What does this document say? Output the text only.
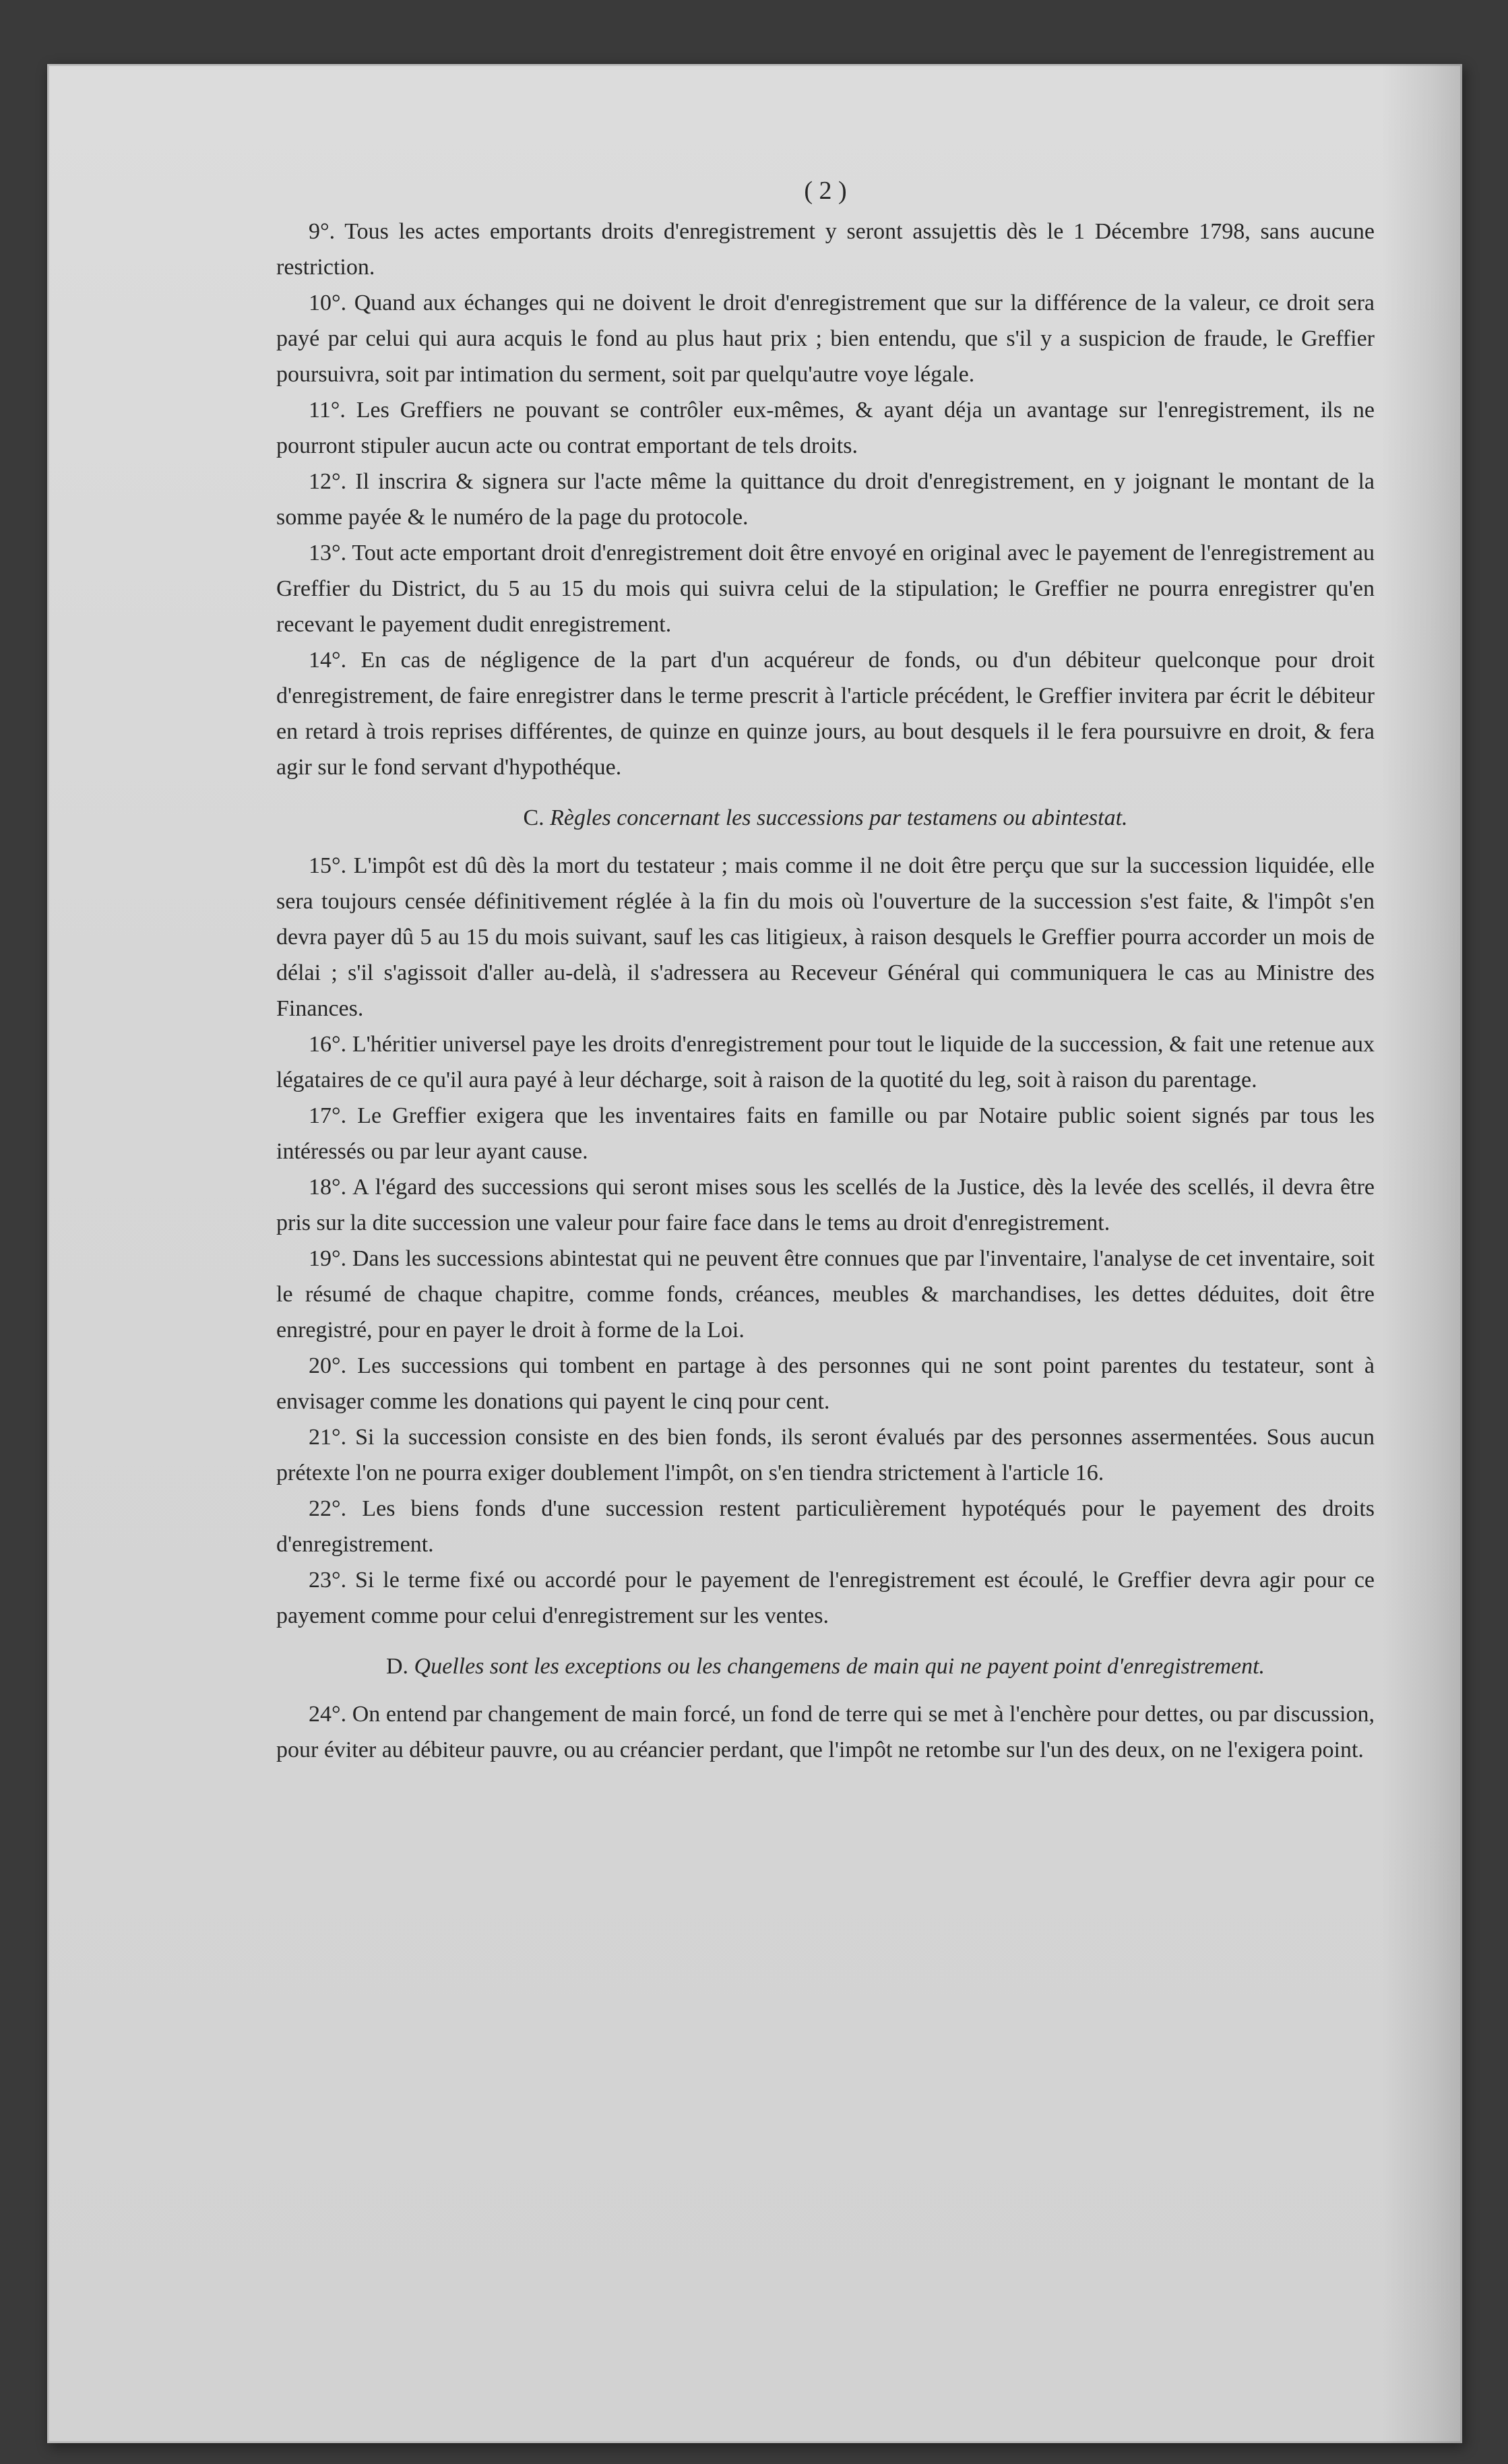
( 2 )

9°. Tous les actes emportants droits d'enregistrement y seront assujettis dès le 1 Décembre 1798, sans aucune restriction.

10°. Quand aux échanges qui ne doivent le droit d'enregistrement que sur la différence de la valeur, ce droit sera payé par celui qui aura acquis le fond au plus haut prix ; bien entendu, que s'il y a suspicion de fraude, le Greffier poursuivra, soit par intimation du serment, soit par quelqu'autre voye légale.

11°. Les Greffiers ne pouvant se contrôler eux-mêmes, & ayant déja un avantage sur l'enregistrement, ils ne pourront stipuler aucun acte ou contrat emportant de tels droits.

12°. Il inscrira & signera sur l'acte même la quittance du droit d'enregistrement, en y joignant le montant de la somme payée & le numéro de la page du protocole.

13°. Tout acte emportant droit d'enregistrement doit être envoyé en original avec le payement de l'enregistrement au Greffier du District, du 5 au 15 du mois qui suivra celui de la stipulation; le Greffier ne pourra enregistrer qu'en recevant le payement dudit enregistrement.

14°. En cas de négligence de la part d'un acquéreur de fonds, ou d'un débiteur quelconque pour droit d'enregistrement, de faire enregistrer dans le terme prescrit à l'article précédent, le Greffier invitera par écrit le débiteur en retard à trois reprises différentes, de quinze en quinze jours, au bout desquels il le fera poursuivre en droit, & fera agir sur le fond servant d'hypothéque.

C. Règles concernant les successions par testamens ou abintestat.

15°. L'impôt est dû dès la mort du testateur ; mais comme il ne doit être perçu que sur la succession liquidée, elle sera toujours censée définitivement réglée à la fin du mois où l'ouverture de la succession s'est faite, & l'impôt s'en devra payer dû 5 au 15 du mois suivant, sauf les cas litigieux, à raison desquels le Greffier pourra accorder un mois de délai ; s'il s'agissoit d'aller au-delà, il s'adressera au Receveur Général qui communiquera le cas au Ministre des Finances.

16°. L'héritier universel paye les droits d'enregistrement pour tout le liquide de la succession, & fait une retenue aux légataires de ce qu'il aura payé à leur décharge, soit à raison de la quotité du leg, soit à raison du parentage.

17°. Le Greffier exigera que les inventaires faits en famille ou par Notaire public soient signés par tous les intéressés ou par leur ayant cause.

18°. A l'égard des successions qui seront mises sous les scellés de la Justice, dès la levée des scellés, il devra être pris sur la dite succession une valeur pour faire face dans le tems au droit d'enregistrement.

19°. Dans les successions abintestat qui ne peuvent être connues que par l'inventaire, l'analyse de cet inventaire, soit le résumé de chaque chapitre, comme fonds, créances, meubles & marchandises, les dettes déduites, doit être enregistré, pour en payer le droit à forme de la Loi.

20°. Les successions qui tombent en partage à des personnes qui ne sont point parentes du testateur, sont à envisager comme les donations qui payent le cinq pour cent.

21°. Si la succession consiste en des bien fonds, ils seront évalués par des personnes assermentées. Sous aucun prétexte l'on ne pourra exiger doublement l'impôt, on s'en tiendra strictement à l'article 16.

22°. Les biens fonds d'une succession restent particulièrement hypotéqués pour le payement des droits d'enregistrement.

23°. Si le terme fixé ou accordé pour le payement de l'enregistrement est écoulé, le Greffier devra agir pour ce payement comme pour celui d'enregistrement sur les ventes.

D. Quelles sont les exceptions ou les changemens de main qui ne payent point d'enregistrement.

24°. On entend par changement de main forcé, un fond de terre qui se met à l'enchère pour dettes, ou par discussion, pour éviter au débiteur pauvre, ou au créancier perdant, que l'impôt ne retombe sur l'un des deux, on ne l'exigera point.
